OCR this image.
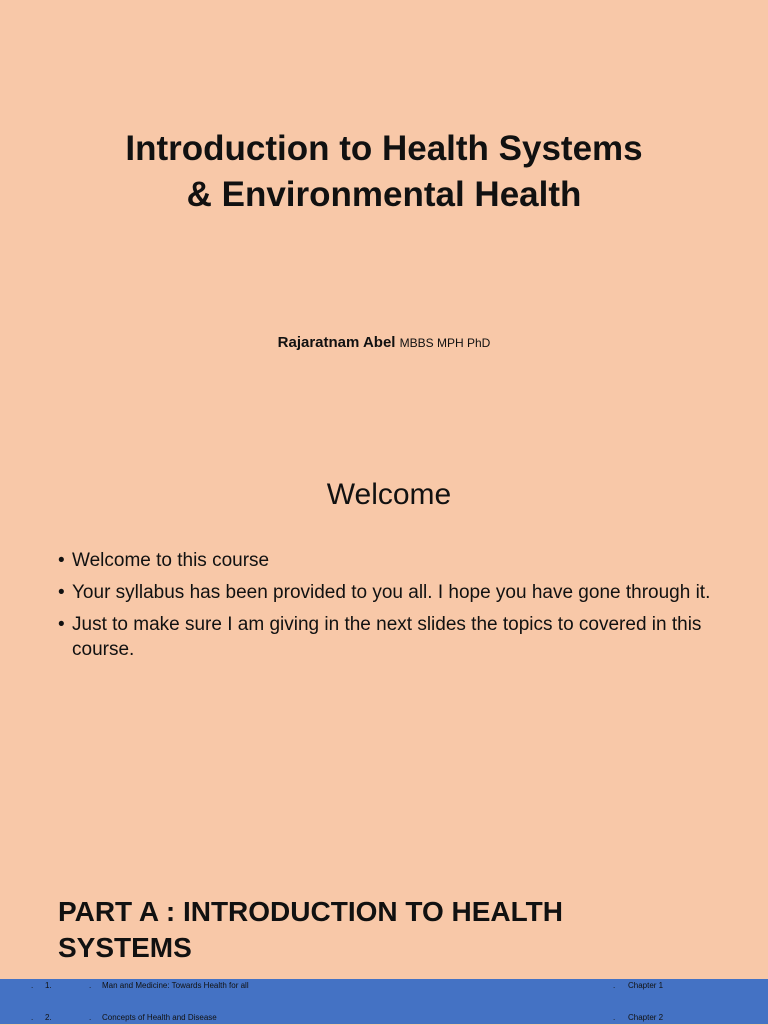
Introduction to Health Systems
& Environmental Health
Rajaratnam Abel MBBS MPH PhD
Welcome
• Welcome to this course
• Your syllabus has been provided to you all. I hope you have gone through it.
• Just to make sure I am giving in the next slides the topics to covered in this course.
PART A : INTRODUCTION TO HEALTH
SYSTEMS
. 1.	. Man and Medicine: Towards Health for all	. Chapter 1
. 2.	. Concepts of Health and Disease	. Chapter 2
